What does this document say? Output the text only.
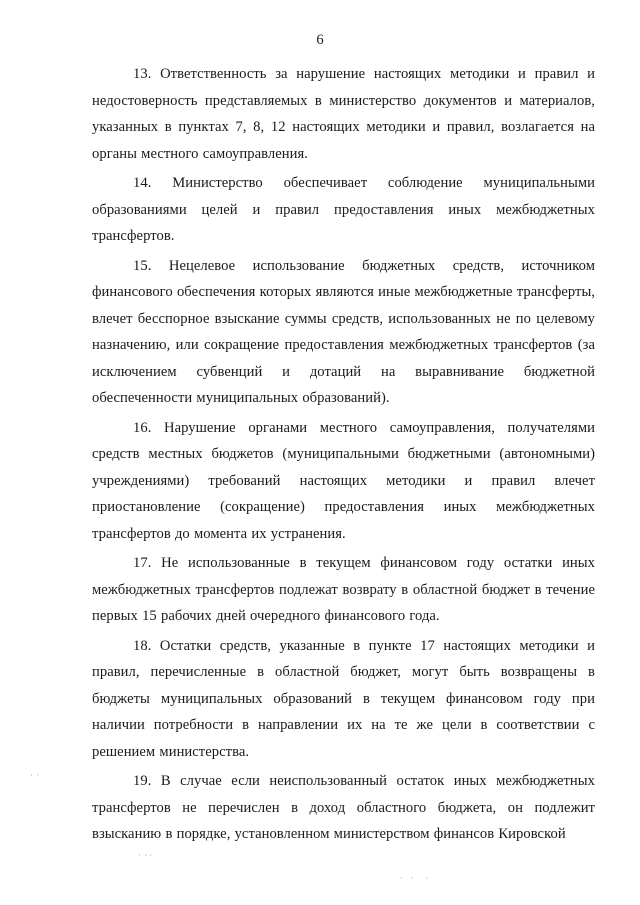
6

13. Ответственность за нарушение настоящих методики и правил и недостоверность представляемых в министерство документов и материалов, указанных в пунктах 7, 8, 12 настоящих методики и правил, возлагается на органы местного самоуправления.

14. Министерство обеспечивает соблюдение муниципальными образованиями целей и правил предоставления иных межбюджетных трансфертов.

15. Нецелевое использование бюджетных средств, источником финансового обеспечения которых являются иные межбюджетные трансферты, влечет бесспорное взыскание суммы средств, использованных не по целевому назначению, или сокращение предоставления межбюджетных трансфертов (за исключением субвенций и дотаций на выравнивание бюджетной обеспеченности муниципальных образований).

16. Нарушение органами местного самоуправления, получателями средств местных бюджетов (муниципальными бюджетными (автономными) учреждениями) требований настоящих методики и правил влечет приостановление (сокращение) предоставления иных межбюджетных трансфертов до момента их устранения.

17. Не использованные в текущем финансовом году остатки иных межбюджетных трансфертов подлежат возврату в областной бюджет в течение первых 15 рабочих дней очередного финансового года.

18. Остатки средств, указанные в пункте 17 настоящих методики и правил, перечисленные в областной бюджет, могут быть возвращены в бюджеты муниципальных образований в текущем финансовом году при наличии потребности в направлении их на те же цели в соответствии с решением министерства.

19. В случае если неиспользованный остаток иных межбюджетных трансфертов не перечислен в доход областного бюджета, он подлежит взысканию в порядке, установленном министерством финансов Кировской

·  ·
·  · ·
·    ·      ·
